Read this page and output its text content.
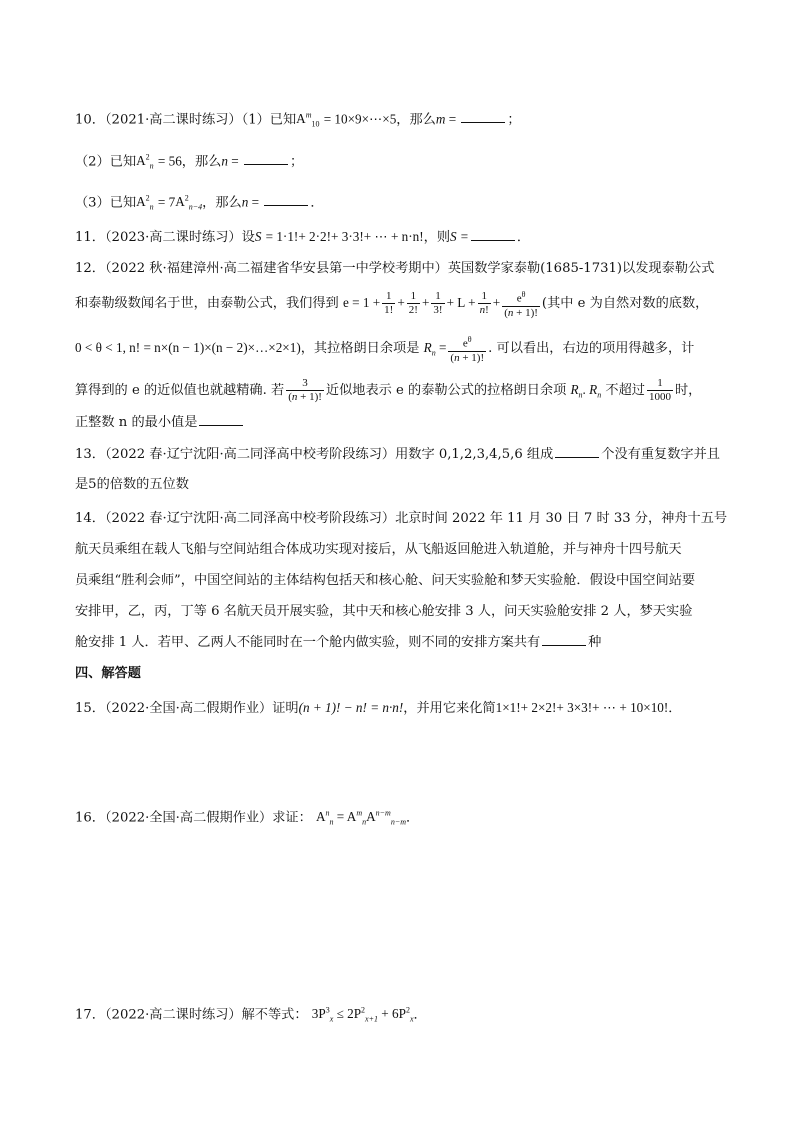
10．（2021·高二课时练习）（1）已知$A^m_{10}$ = 10×9×⋯×5，那么m =	；
（2）已知$A^2_n = 56$，那么n =	；
（3）已知$A^2_n = 7A^2_{n-4}$，那么n =	．
11．（2023·高二课时练习）设S = 1·1!+ 2·2!+ 3·3!+ ⋯ + n·n!，则S =	．
12．（2022 秋·福建漳州·高二福建省华安县第一中学校考期中）英国数学家泰勒(1685-1731)以发现泰勒公式
和泰勒级数闻名于世，由泰勒公式，我们得到 $e = 1 + \frac{1}{1!} + \frac{1}{2!} + \frac{1}{3!} + L + \frac{1}{n!} + \frac{e^\theta}{(n + 1)!}$ (其中 e 为自然对数的底数，
0 < θ < 1, n! = n×(n − 1)×(n − 2)×…×2×1)，其拉格朗日余项是 $R_n = \frac{e^\theta}{(n + 1)!}$ . 可以看出，右边的项用得越多，计
算得到的 e 的近似值也就越精确. 若 $\frac{3}{(n + 1)!}$ 近似地表示 e 的泰勒公式的拉格朗日余项 $R_n$. $R_n$ 不超过 $\frac{1}{1000}$ 时，
正整数 n 的最小值是
13．（2022 春·辽宁沈阳·高二同泽高中校考阶段练习）用数字 0,1,2,3,4,5,6 组成	个没有重复数字并且
是5的倍数的五位数
14．（2022 春·辽宁沈阳·高二同泽高中校考阶段练习）北京时间 2022 年 11 月 30 日 7 时 33 分，神舟十五号
航天员乘组在载人飞船与空间站组合体成功实现对接后，从飞船返回舱进入轨道舱，并与神舟十四号航天
员乘组“胜利会师”，中国空间站的主体结构包括天和核心舱、问天实验舱和梦天实验舱．假设中国空间站要
安排甲，乙，丙，丁等 6 名航天员开展实验，其中天和核心舱安排 3 人，问天实验舱安排 2 人，梦天实验
舱安排 1 人．若甲、乙两人不能同时在一个舱内做实验，则不同的安排方案共有	种
四、解答题
15．（2022·全国·高二假期作业）证明(n + 1)! − n! = n·n!，并用它来化简1×1!+ 2×2!+ 3×3!+ ⋯ + 10×10!．
16．（2022·全国·高二假期作业）求证： $A^n_n = A^m_nA^{n-m}_{n-m}$．
17．（2022·高二课时练习）解不等式： $3P^3_x \le 2P^2_{x+1} + 6P^2_x$．
